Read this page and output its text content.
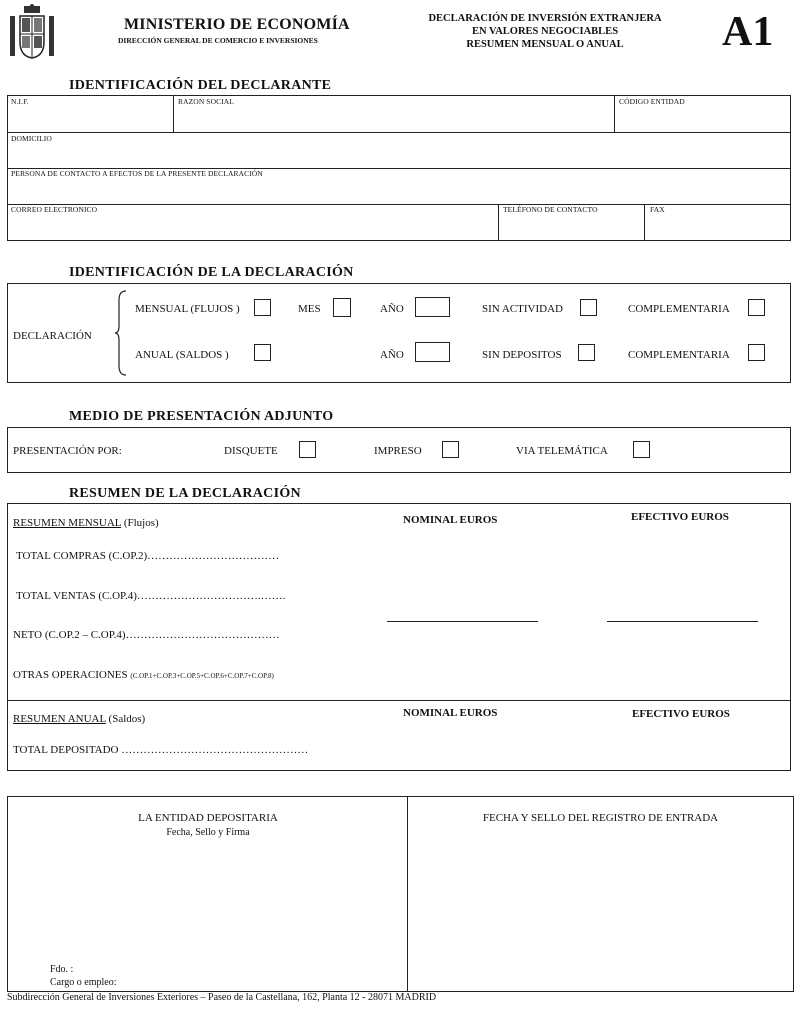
MINISTERIO DE ECONOMÍA
DIRECCIÓN GENERAL DE COMERCIO E INVERSIONES
DECLARACIÓN DE INVERSIÓN EXTRANJERA
EN VALORES NEGOCIABLES
RESUMEN MENSUAL O ANUAL	A1
IDENTIFICACIÓN DEL DECLARANTE
N.I.F.	RAZON SOCIAL	CÓDIGO ENTIDAD
DOMICILIO
PERSONA DE CONTACTO A EFECTOS DE LA PRESENTE DECLARACIÓN
CORREO ELECTRONICO	TELÉFONO DE CONTACTO	FAX
IDENTIFICACIÓN DE LA DECLARACIÓN
DECLARACIÓN
MENSUAL (FLUJOS )	MES	AÑO	SIN ACTIVIDAD	COMPLEMENTARIA
ANUAL (SALDOS )	AÑO	SIN DEPOSITOS	COMPLEMENTARIA
MEDIO DE PRESENTACIÓN ADJUNTO
PRESENTACIÓN POR:	DISQUETE	IMPRESO	VIA TELEMÁTICA
RESUMEN DE LA DECLARACIÓN
RESUMEN MENSUAL (Flujos)	NOMINAL EUROS	EFECTIVO EUROS
TOTAL COMPRAS (C.OP.2)………………………………
TOTAL VENTAS (C.OP.4)…………………………….…….
NETO (C.OP.2 – C.OP.4)……………………………………
OTRAS OPERACIONES (C.OP.1+C.OP.3+C.OP.5+C.OP.6+C.OP.7+C.OP.8)
RESUMEN ANUAL (Saldos)	NOMINAL EUROS	EFECTIVO EUROS
TOTAL DEPOSITADO ……………………………………………
LA ENTIDAD DEPOSITARIA
Fecha, Sello y Firma
Fdo. :
Cargo o empleo:
FECHA Y SELLO DEL REGISTRO DE ENTRADA
Subdirección General de Inversiones Exteriores – Paseo de la Castellana, 162, Planta 12 - 28071 MADRID
